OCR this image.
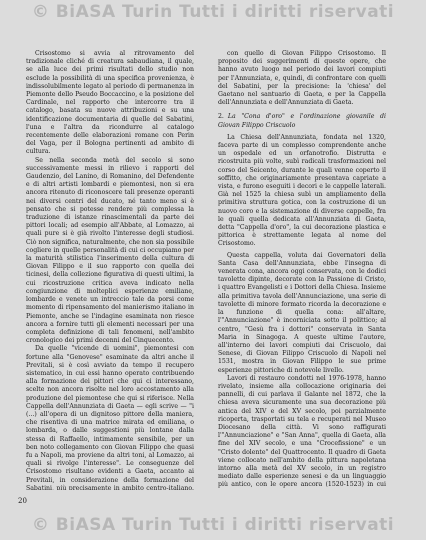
© BiASA Turin Tutti i diritti riservati

Crisostomo si avvia al ritrovamento del tradizionale cliché di creatura sabaudiana, il quale, se alla luce dei primi risultati dello studio non esclude la possibilità di una specifica provenienza, è indissolubilmente legato al periodo di permanenza in Piemonte dello Pseudo Boccaccino, e la posizione del Cardinale, nel rapporto che intercorre tra il catalogo, basata su nuove attribuzioni e su una identificazione documentaria di quelle del Sabatini, l'una e l'altra da ricondurre al catalogo recentemente delle elaborazioni romane con Perin del Vaga, per il Bologna pertinenti ad ambito di cultura.

Se nella seconda metà del secolo si sono successivamente messi in rilievo i rapporti del Gaudenzio, del Lanino, di Romanino, del Defendente e di altri artisti lombardi e piemontesi, non si era ancora ritenuto di riconoscere tali presenze operanti nei diversi centri del ducato, né tanto meno si è pensato che si potesse rendere più complessa la traduzione di istanze rinascimentali da parte dei pittori locali; ad esempio all'Abbate, al Lomazzo, ai quali pure si è già rivolto l'interesse degli studiosi. Ciò non significa, naturalmente, che non sia possibile cogliere in quelle personalità di cui ci occupiamo per la maturità stilistica l'inserimento della cultura di Giovan Filippo e il suo rapporto con quella dei ticinesi, della collezione figurativa di questi ultimi, la cui ricostruzione critica aveva indicato nella congiunzione di molteplici esperienze emiliane, lombarde e venete un intreccio tale da porsi come momento di ripensamento del manierismo italiano in Piemonte, anche se l'indagine esaminata non riesce ancora a fornire tutti gli elementi necessari per una completa definizione di tali fenomeni, nell'ambito cronologico dei primi decenni del Cinquecento.

Da quelle "vicende di uomini", piemontesi con fortune alla "Genovese" esaminate da altri anche il Previtali, si è così avviato da tempo il recupero sistematico, in cui essi hanno operato contribuendo alla formazione dei pittori che qui ci interessano, scelte non ancora risolte nel loro accostamento alla produzione del piemontese che qui si riferisce. Nella Cappella dell'Annunziata di Gaeta — egli scrive — "i (...) all'opera di un dignitoso pittore della maniera, che risentiva di una matrice mirata ed emiliana, o lombarda, o dalle suggestioni più lontane dalla stessa di Raffaello, intimamente sensibile, per un ben noto collegamento con Giovan Filippo che quasi fu a Napoli, ma proviene da altri toni, al Lomazzo, ai quali si rivolge l'interesse". Le conseguenze del Crisostomo risultano evidenti a Gaeta, accanto ai Previtali, in considerazione della formazione del Sabatini, più precisamente in ambito centro-italiano.

con quello di Giovan Filippo Crisostomo. Il proposito dei suggerimenti di queste opere, che hanno avuto luogo nel periodo dei lavori compiuti per l'Annunziata, e, quindi, di confrontare con quelli del Sabatini, per la precisione: la 'chiesa' del Gaetano nel santuario di Gaeta, e per la Cappella dell'Annunziata e dell'Annunziata di Gaeta.

2. La "Cona d'oro" e l'ordinazione giovanile di Giovan Filippo Criscuolo

La Chiesa dell'Annunziata, fondata nel 1320, faceva parte di un complesso comprendente anche un ospedale ed un orfanotrofio. Distrutta e ricostruita più volte, subì radicali trasformazioni nel corso del Seicento, durante le quali venne coperto il soffitto, che originariamente presentava capriate a vista, e furono eseguiti i decori e le cappelle laterali. Già nel 1525 la chiesa subì un ampliamento della primitiva struttura gotica, con la costruzione di un nuovo coro e la sistemazione di diverse cappelle, fra le quali quella dedicata all'Annunziata di Gaeta, detta "Cappella d'oro", la cui decorazione plastica e pittorica è strettamente legata al nome del Crisostomo.

Questa cappella, voluta dai Governatori della Santa Casa dell'Annunziata, ebbe l'insegna di venerata cona, ancora oggi conservata, con le dodici tavolette dipinte, decorate con la Passione di Cristo, i quattro Evangelisti e i Dottori della Chiesa. Insieme alla primitiva tavola dell'Annunciazione, una serie di tavolette di minore formato ricorda la decorazione e la funzione di quella cona: all'altare, l'"Annunciazione" è incorniciata sotto il polittico; al centro, "Gesù fra i dottori" conservata in Santa Maria in Sinagoga. A queste ultime l'autore, all'interno dei lavori compiuti dai Criscuolo, dai Senese, di Giovan Filippo Criscuolo di Napoli nel 1531, mostra in Giovan Filippo le sue prime esperienze pittoriche di notevole livello.

Lavori di restauro condotti nel 1976-1978, hanno rivelato, insieme alla collocazione originaria dei pannelli, di cui parlava il Galante nel 1872, che la chiesa aveva sicuramente una sua decorazione più antica del XIV e del XV secolo, poi parzialmente ricoperta, trasportati su tela e recuperati nel Museo Diocesano della città. Vi sono raffigurati l'"Annunciazione" e "San Anna", quella di Gaeta, alla fine del XIV secolo, e una "Crocefissione" e un "Cristo dolente" del Quattrocento. Il quadro di Gaeta viene collocato nell'ambito della pittura napoletana intorno alla metà del XV secolo, in un registro mediato dalle esperienze senesi e da un linguaggio più antico, con le opere ancora (1520-1523) in cui

20
© BiASA Turin Tutti i diritti riservati
